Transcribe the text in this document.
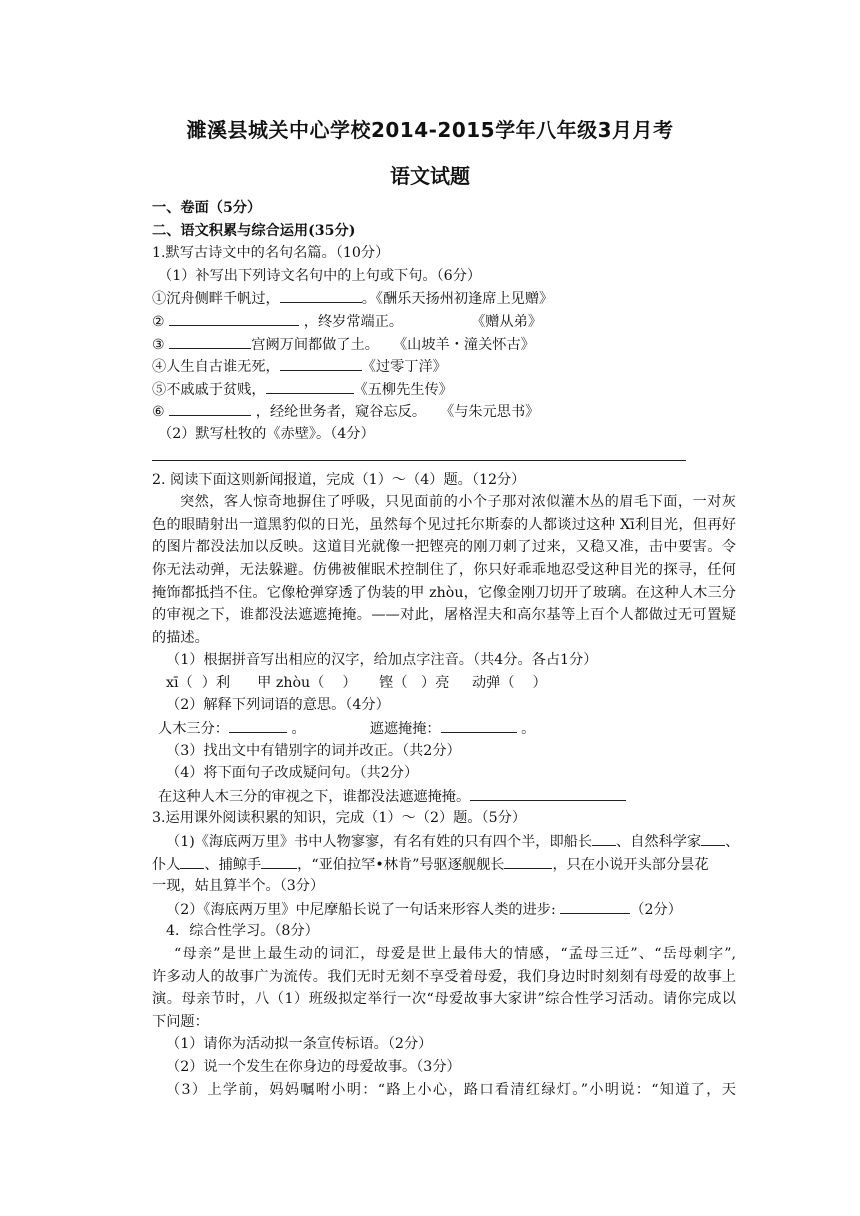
濉溪县城关中心学校2014-2015学年八年级3月月考
语文试题
一、卷面（5分）
二、语文积累与综合运用(35分)
1.默写古诗文中的名句名篇。（10分）
（1）补写出下列诗文名句中的上句或下句。（6分）
①沉舟侧畔千帆过，	。《酬乐天扬州初逢席上见赠》
②	，终岁常端正。	《赠从弟》
③	宫阙万间都做了土。 《山坡羊・潼关怀古》
④人生自古谁无死，	《过零丁洋》
⑤不戚戚于贫贱，	《五柳先生传》
⑥	，经纶世务者，窥谷忘反。 《与朱元思书》
（2）默写杜牧的《赤壁》。（4分）
2. 阅读下面这则新闻报道，完成（1）～（4）题。（12分）
突然，客人惊奇地摒住了呼吸，只见面前的小个子那对浓似灌木丛的眉毛下面，一对灰
色的眼睛射出一道黑豹似的日光，虽然每个见过托尔斯泰的人都谈过这种 Xī利目光，但再好
的图片都没法加以反映。这道目光就像一把铿亮的刚刀刺了过来，又稳又准，击中要害。令
你无法动弹，无法躲避。仿佛被催眠术控制住了，你只好乖乖地忍受这种目光的探寻，任何
掩饰都抵挡不住。它像枪弹穿透了伪装的甲 zhòu，它像金刚刀切开了玻璃。在这种人木三分
的审视之下，谁都没法遮遮掩掩。——对此，屠格涅夫和高尔基等上百个人都做过无可置疑
的描述。
（1）根据拼音写出相应的汉字，给加点字注音。（共4分。各占1分）
xī（  ）利      甲 zhòu（    ）     铿（   ）亮     动弹（    ）
（2）解释下列词语的意思。（4分）
人木三分：	。	遮遮掩掩：	。
（3）找出文中有错别字的词并改正。（共2分）
（4）将下面句子改成疑问句。（共2分）
在这种人木三分的审视之下，谁都没法遮遮掩掩。
3.运用课外阅读积累的知识，完成（1）～（2）题。（5分）
（1)《海底两万里》书中人物寥寥，有名有姓的只有四个半，即船长 、自然科学家 、
仆人 、捕鲸手	，“亚伯拉罕•林肯”号驱逐舰舰长	，只在小说开头部分昙花
一现，姑且算半个。（3分）
（2）《海底两万里》中尼摩船长说了一句话来形容人类的进步:	（2分）
4．综合性学习。（8分）
“母亲”是世上最生动的词汇，母爱是世上最伟大的情感，“孟母三迁”、“岳母刺字”,
许多动人的故事广为流传。我们无时无刻不享受着母爱，我们身边时时刻刻有母爱的故事上
演。母亲节时，八（1）班级拟定举行一次“母爱故事大家讲”综合性学习活动。请你完成以
下问题：
（1）请你为活动拟一条宣传标语。（2分）
（2）说一个发生在你身边的母爱故事。（3分）
（3）上学前，妈妈嘱咐小明：“路上小心，路口看清红绿灯。”小明说：“知道了，天
